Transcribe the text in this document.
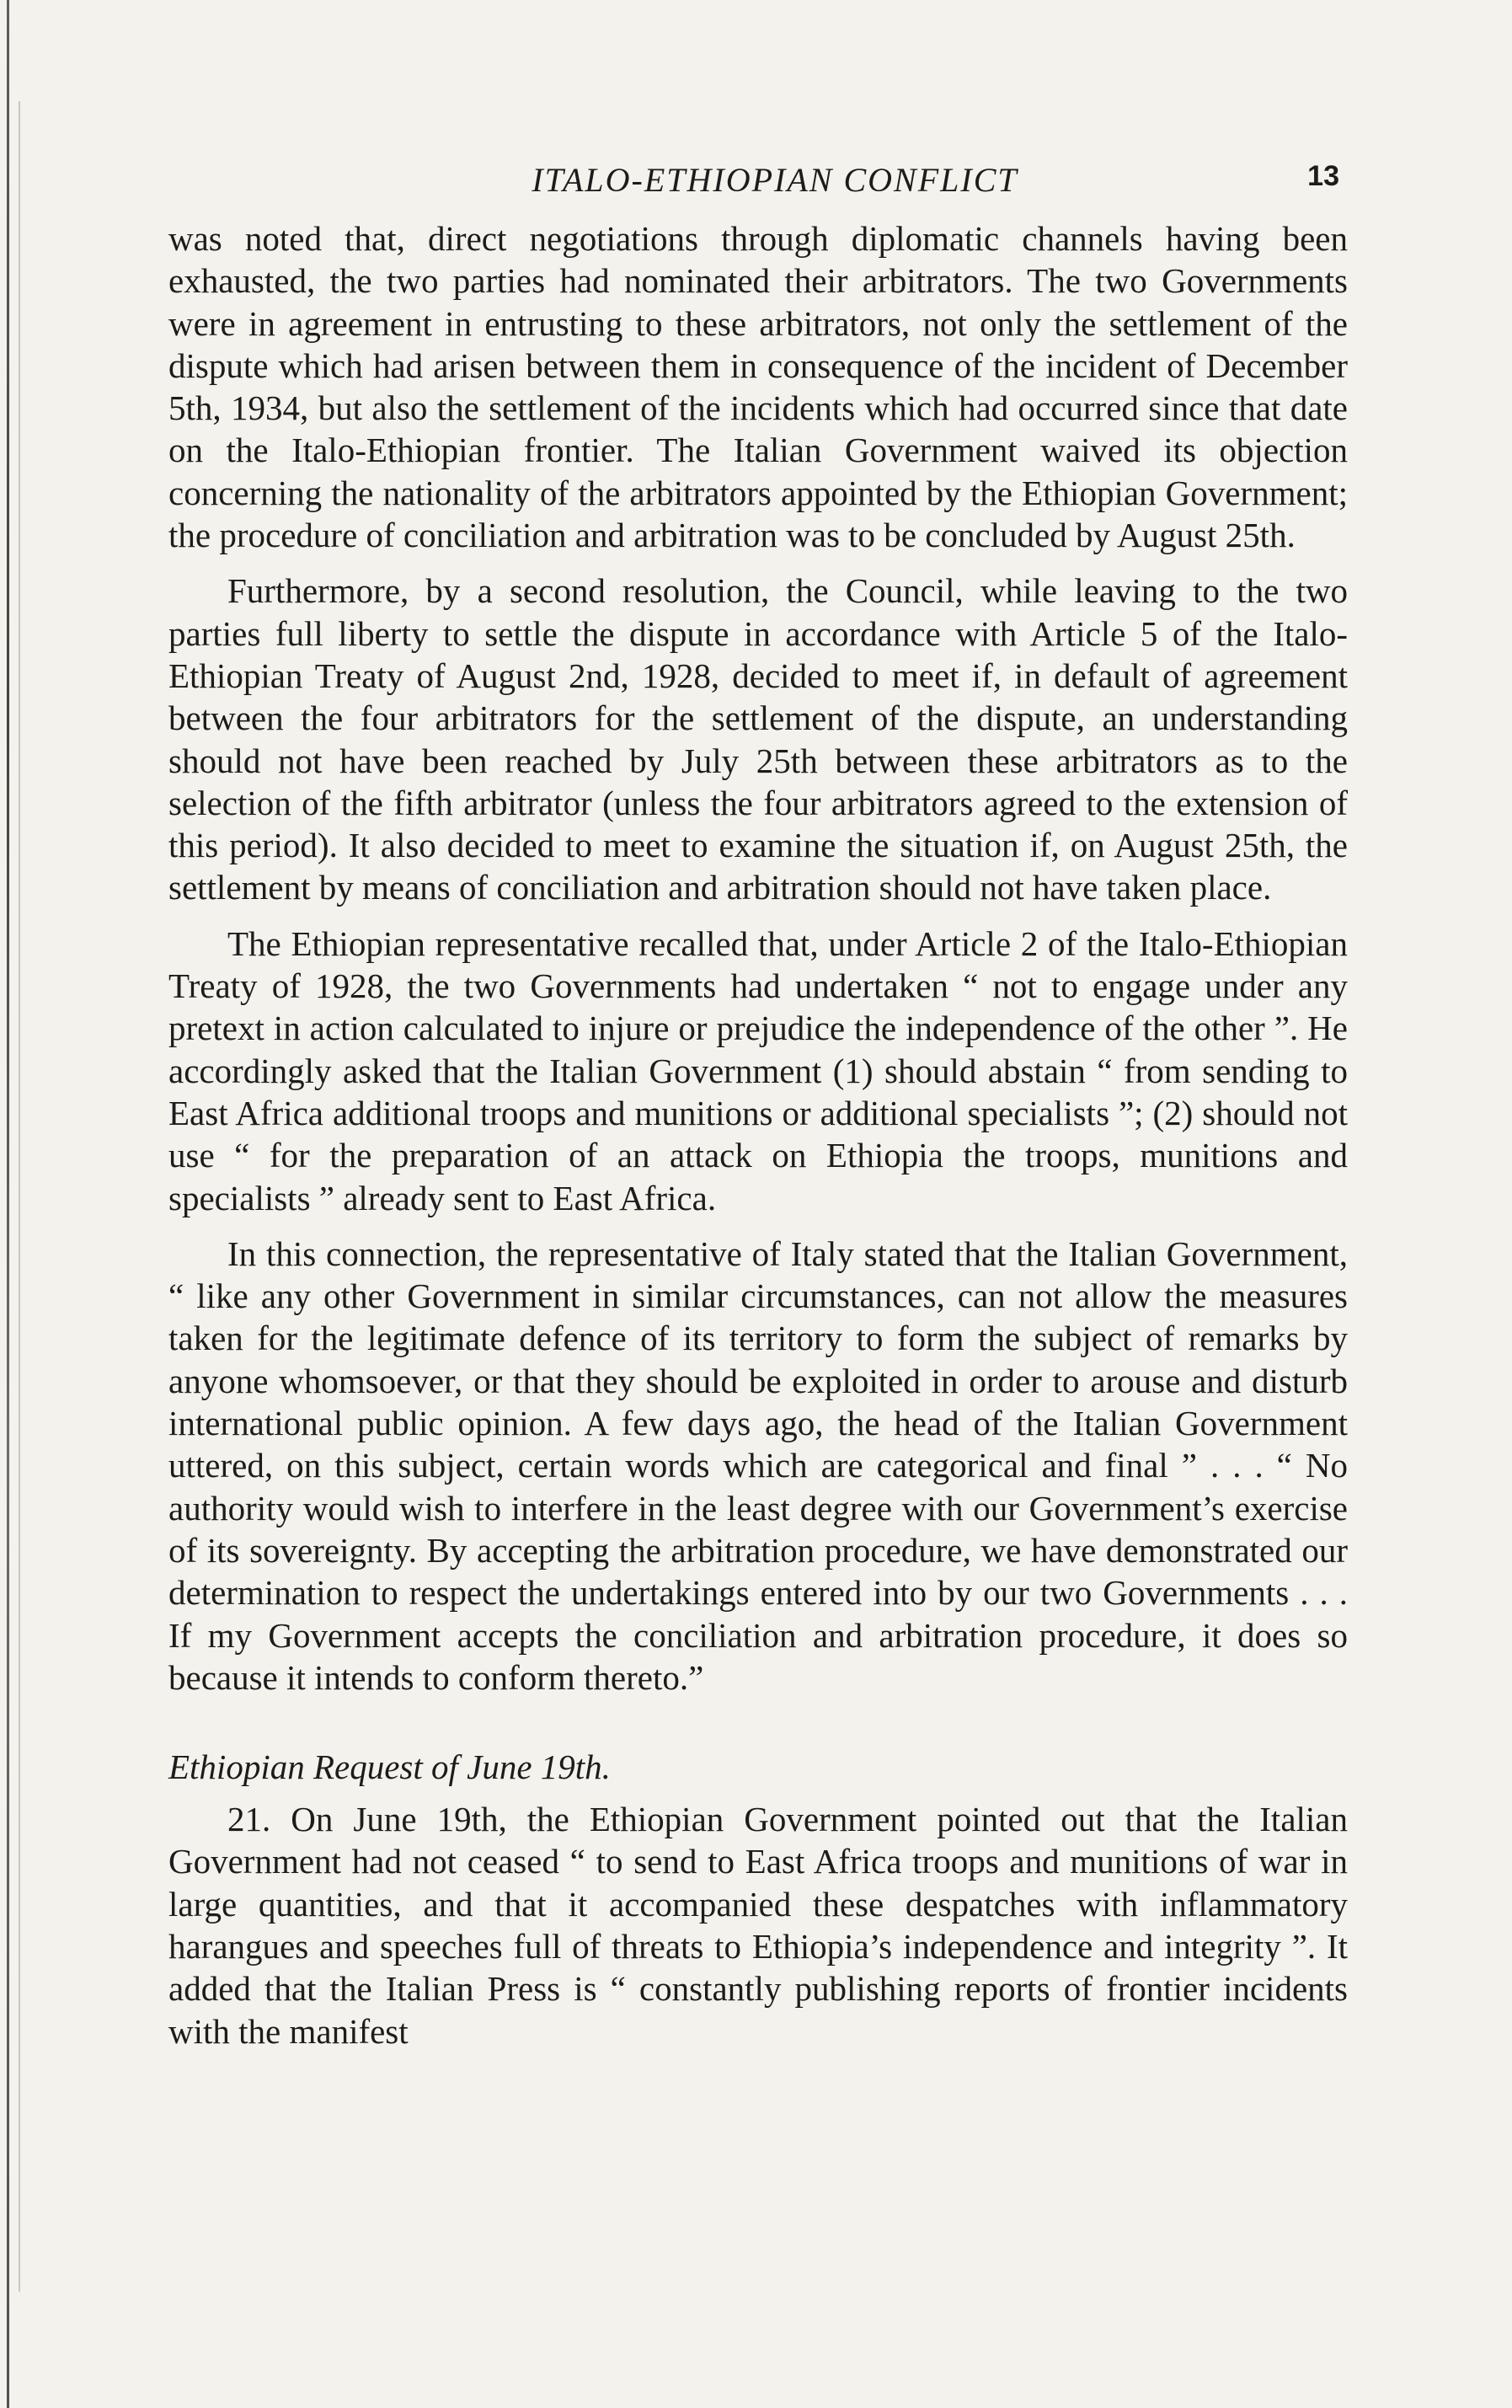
ITALO-ETHIOPIAN CONFLICT	13

was noted that, direct negotiations through diplomatic channels having been exhausted, the two parties had nominated their arbitrators. The two Governments were in agreement in entrusting to these arbitrators, not only the settlement of the dispute which had arisen between them in consequence of the incident of December 5th, 1934, but also the settlement of the incidents which had occurred since that date on the Italo-Ethiopian frontier. The Italian Government waived its objection concerning the nationality of the arbitrators appointed by the Ethiopian Government; the procedure of conciliation and arbitration was to be concluded by August 25th.

Furthermore, by a second resolution, the Council, while leaving to the two parties full liberty to settle the dispute in accordance with Article 5 of the Italo-Ethiopian Treaty of August 2nd, 1928, decided to meet if, in default of agreement between the four arbitrators for the settlement of the dispute, an understanding should not have been reached by July 25th between these arbitrators as to the selection of the fifth arbitrator (unless the four arbitrators agreed to the extension of this period). It also decided to meet to examine the situation if, on August 25th, the settlement by means of conciliation and arbitration should not have taken place.

The Ethiopian representative recalled that, under Article 2 of the Italo-Ethiopian Treaty of 1928, the two Governments had undertaken “ not to engage under any pretext in action calculated to injure or prejudice the independence of the other ”. He accordingly asked that the Italian Government (1) should abstain “ from sending to East Africa additional troops and munitions or additional specialists ”; (2) should not use “ for the preparation of an attack on Ethiopia the troops, munitions and specialists ” already sent to East Africa.

In this connection, the representative of Italy stated that the Italian Government, “ like any other Government in similar circumstances, can not allow the measures taken for the legitimate defence of its territory to form the subject of remarks by anyone whomsoever, or that they should be exploited in order to arouse and disturb international public opinion. A few days ago, the head of the Italian Government uttered, on this subject, certain words which are categorical and final ” . . . “ No authority would wish to interfere in the least degree with our Government’s exercise of its sovereignty. By accepting the arbitration procedure, we have demonstrated our determination to respect the undertakings entered into by our two Governments . . . If my Government accepts the conciliation and arbitration procedure, it does so because it intends to conform thereto.”

Ethiopian Request of June 19th.

21. On June 19th, the Ethiopian Government pointed out that the Italian Government had not ceased “ to send to East Africa troops and munitions of war in large quantities, and that it accompanied these despatches with inflammatory harangues and speeches full of threats to Ethiopia’s independence and integrity ”. It added that the Italian Press is “ constantly publishing reports of frontier incidents with the manifest
